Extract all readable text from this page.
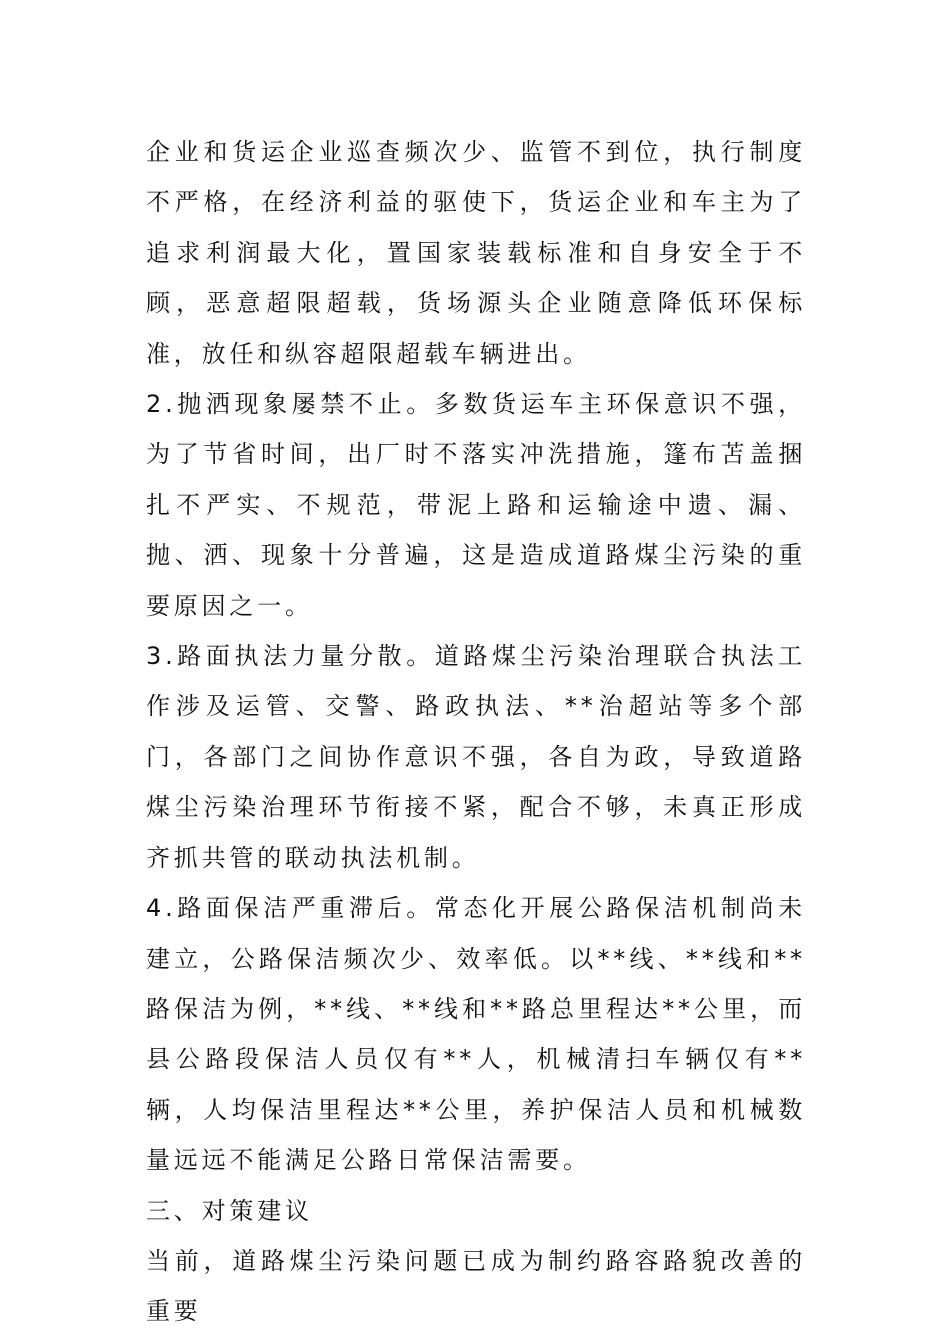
企业和货运企业巡查频次少、监管不到位，执行制度不严格，在经济利益的驱使下，货运企业和车主为了追求利润最大化，置国家装载标准和自身安全于不顾，恶意超限超载，货场源头企业随意降低环保标准，放任和纵容超限超载车辆进出。

2.抛洒现象屡禁不止。多数货运车主环保意识不强，为了节省时间，出厂时不落实冲洗措施，篷布苫盖捆扎不严实、不规范，带泥上路和运输途中遗、漏、抛、洒、现象十分普遍，这是造成道路煤尘污染的重要原因之一。

3.路面执法力量分散。道路煤尘污染治理联合执法工作涉及运管、交警、路政执法、**治超站等多个部门，各部门之间协作意识不强，各自为政，导致道路煤尘污染治理环节衔接不紧，配合不够，未真正形成齐抓共管的联动执法机制。

4.路面保洁严重滞后。常态化开展公路保洁机制尚未建立，公路保洁频次少、效率低。以**线、**线和**路保洁为例，**线、**线和**路总里程达**公里，而县公路段保洁人员仅有**人，机械清扫车辆仅有**辆，人均保洁里程达**公里，养护保洁人员和机械数量远远不能满足公路日常保洁需要。

三、对策建议

当前，道路煤尘污染问题已成为制约路容路貌改善的重要
